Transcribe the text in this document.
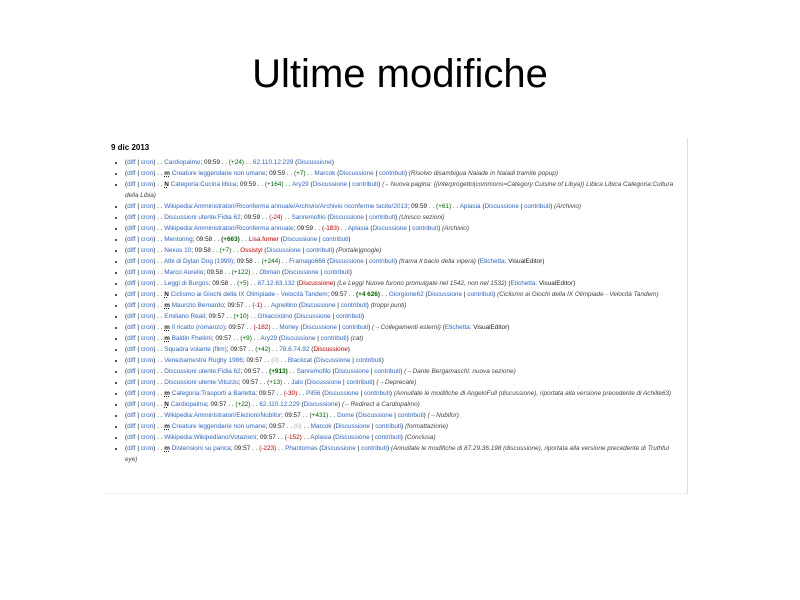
Ultime modifiche
9 dic 2013
• (diff | cron) . . Cardiopalmo; 09:59 . . (+24) . . 62.110.12.229 (Discussione)
• (diff | cron) . . m Creature leggendarie non umane; 09:59 . . (+7) . . Marcok (Discussione | contributi) (Risolvo disambigua Naiade in Naiadi tramite popup)
• (diff | cron) . . N Categoria:Cucina libica; 09:59 . . (+164) . . Ary29 (Discussione | contributi) (←Nuova pagina: {{interprogetto|commons=Category:Cuisine of Libya}} Libica Libica Categoria:Cultura della Libia)
• (diff | cron) . . Wikipedia:Amministratori/Riconferma annuale/Archivio/Archivio riconferme tacite/2013; 09:59 . . (+61) . . Aplasia (Discussione | contributi) (Archivio)
• (diff | cron) . . Discussioni utente:Fidia 62; 09:59 . . (-24) . . Sanremofilo (Discussione | contributi) (Unisco sezioni)
• (diff | cron) . . Wikipedia:Amministratori/Riconferma annuale; 09:59 . . (-183) . . Aplasia (Discussione | contributi) (Archivio)
• (diff | cron) . . Mentoring; 09:58 . . (+663) . . Lisa.forner (Discussione | contributi)
• (diff | cron) . . Nexus 10; 09:58 . . (+7) . . Ossistyl (Discussione | contributi) (Portale|google)
• (diff | cron) . . Albi di Dylan Dog (1999); 09:58 . . (+244) . . Framago666 (Discussione | contributi) (trama Il bacio della vipera) (Etichetta: VisualEditor)
• (diff | cron) . . Marco Aurelio; 09:58 . . (+122) . . Obman (Discussione | contributi)
• (diff | cron) . . Leggi di Burgos; 09:58 . . (+5) . . 87.12.63.132 (Discussione) (Le Leggi Nuove furono promulgate nel 1542, non nel 1532) (Etichetta: VisualEditor)
• (diff | cron) . . N Ciclismo ai Giochi della IX Olimpiade - Velocità Tandem; 09:57 . . (+4 626) . . Giorgione62 (Discussione | contributi) (Ciclismo ai Giochi della IX Olimpiade - Velocità Tandem)
• (diff | cron) . . m Maurizio Bernardo; 09:57 . . (-1) . . Agnellino (Discussione | contributi) (troppi punti)
• (diff | cron) . . Emiliano Reali; 09:57 . . (+10) . . Ghiacciolino (Discussione | contributi)
• (diff | cron) . . m Il ricatto (romanzo); 09:57 . . (-182) . . Morley (Discussione | contributi) (→Collegamenti esterni) (Etichetta: VisualEditor)
• (diff | cron) . . m Baldin Fhelimi; 09:57 . . (+9) . . Ary29 (Discussione | contributi) (cat)
• (diff | cron) . . Squadra volante (film); 09:57 . . (+42) . . 78.6.74.92 (Discussione)
• (diff | cron) . . Veneziamestre Rugby 1986; 09:57 . . (0) . . Blackcat (Discussione | contributi)
• (diff | cron) . . Discussioni utente:Fidia 62; 09:57 . . (+913) . . Sanremofilo (Discussione | contributi) (→Dante Bergamaschi: nuova sezione)
• (diff | cron) . . Discussioni utente:Vituzzu; 09:57 . . (+13) . . Jalo (Discussione | contributi) (→Deprecate)
• (diff | cron) . . m Categoria:Trasporti a Barletta; 09:57 . . (-30) . . Pil56 (Discussione | contributi) (Annullate le modifiche di AngeloFull (discussione), riportata alla versione precedente di Achille63)
• (diff | cron) . . N Cardiopalma; 09:57 . . (+22) . . 62.110.12.229 (Discussione) (←Redirect a Cardiopalmo)
• (diff | cron) . . Wikipedia:Amministratori/Elezioni/Nubifor; 09:57 . . (+431) . . Dome (Discussione | contributi) (→Nubifor)
• (diff | cron) . . m Creature leggendarie non umane; 09:57 . . (0) . . Marcok (Discussione | contributi) (formattazione)
• (diff | cron) . . Wikipedia:Wikipediano/Votazioni; 09:57 . . (-152) . . Aplasia (Discussione | contributi) (Conclusa)
• (diff | cron) . . m Distensioni su panca; 09:57 . . (-223) . . Phantomas (Discussione | contributi) (Annullate le modifiche di 87.29.36.198 (discussione), riportata alla versione precedente di Truthful eye)
